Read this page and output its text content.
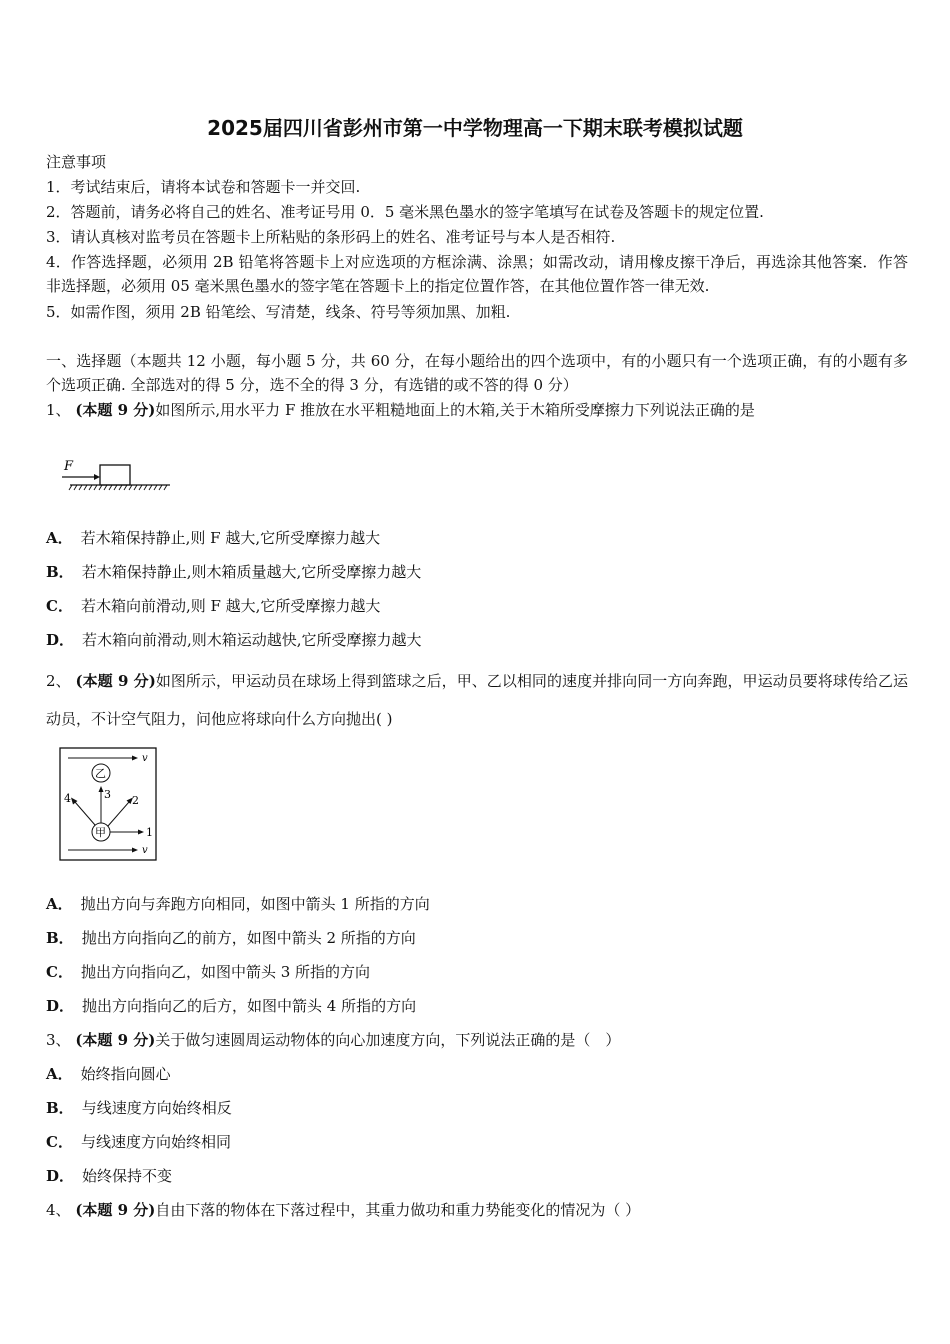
2025届四川省彭州市第一中学物理高一下期末联考模拟试题
注意事项
1．考试结束后，请将本试卷和答题卡一并交回.
2．答题前，请务必将自己的姓名、准考证号用 0．5 毫米黑色墨水的签字笔填写在试卷及答题卡的规定位置.
3．请认真核对监考员在答题卡上所粘贴的条形码上的姓名、准考证号与本人是否相符.
4．作答选择题，必须用 2B 铅笔将答题卡上对应选项的方框涂满、涂黑；如需改动，请用橡皮擦干净后，再选涂其他答案．作答非选择题，必须用 05 毫米黑色墨水的签字笔在答题卡上的指定位置作答，在其他位置作答一律无效.
5．如需作图，须用 2B 铅笔绘、写清楚，线条、符号等须加黑、加粗.
一、选择题（本题共 12 小题，每小题 5 分，共 60 分，在每小题给出的四个选项中，有的小题只有一个选项正确，有的小题有多个选项正确. 全部选对的得 5 分，选不全的得 3 分，有选错的或不答的得 0 分）
1、 (本题 9 分)如图所示,用水平力 F 推放在水平粗糙地面上的木箱,关于木箱所受摩擦力下列说法正确的是
F
A． 若木箱保持静止,则 F 越大,它所受摩擦力越大
B． 若木箱保持静止,则木箱质量越大,它所受摩擦力越大
C． 若木箱向前滑动,则 F 越大,它所受摩擦力越大
D． 若木箱向前滑动,则木箱运动越快,它所受摩擦力越大
2、 (本题 9 分)如图所示，甲运动员在球场上得到篮球之后，甲、乙以相同的速度并排向同一方向奔跑，甲运动员要将球传给乙运动员，不计空气阻力，问他应将球向什么方向抛出( )
v
乙
甲	1
2
3
4
v
A． 抛出方向与奔跑方向相同，如图中箭头 1 所指的方向
B． 抛出方向指向乙的前方，如图中箭头 2 所指的方向
C． 抛出方向指向乙，如图中箭头 3 所指的方向
D． 抛出方向指向乙的后方，如图中箭头 4 所指的方向
3、 (本题 9 分)关于做匀速圆周运动物体的向心加速度方向，下列说法正确的是（　）
A． 始终指向圆心
B． 与线速度方向始终相反
C． 与线速度方向始终相同
D． 始终保持不变
4、 (本题 9 分)自由下落的物体在下落过程中，其重力做功和重力势能变化的情况为（ ）
